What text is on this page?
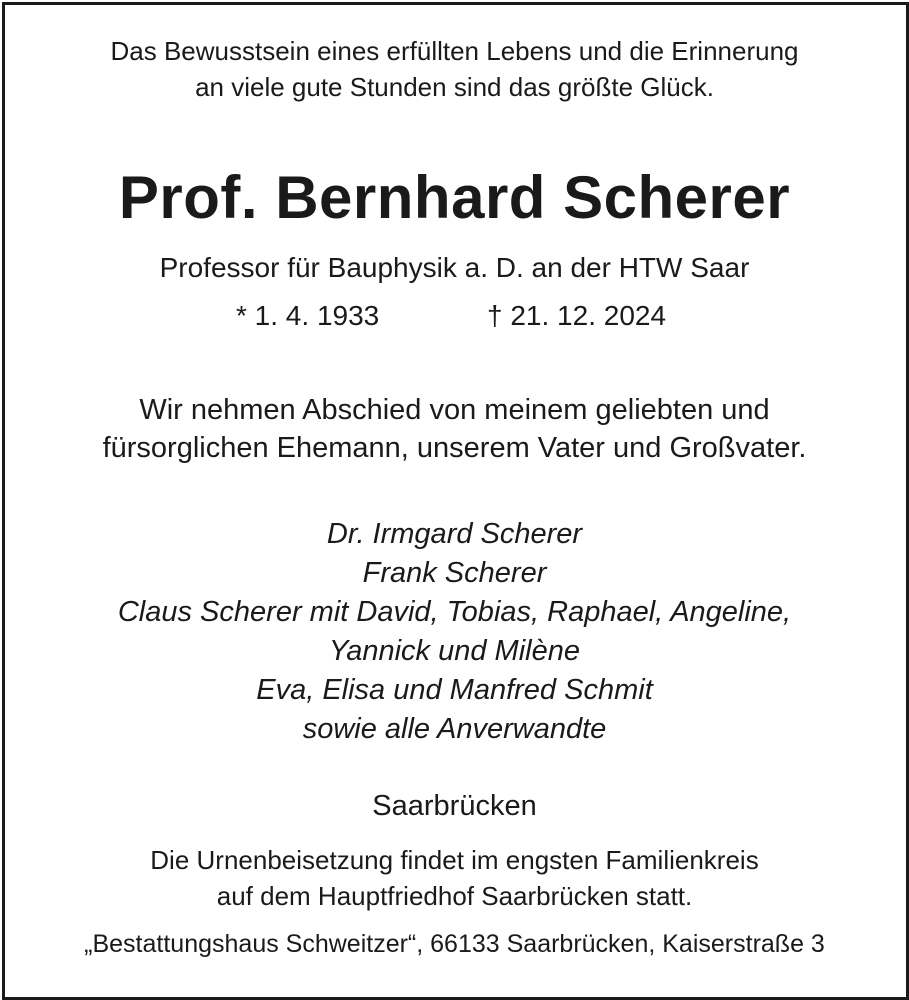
Das Bewusstsein eines erfüllten Lebens und die Erinnerung
an viele gute Stunden sind das größte Glück.
Prof. Bernhard Scherer
Professor für Bauphysik a. D. an der HTW Saar
* 1. 4. 1933	† 21. 12. 2024
Wir nehmen Abschied von meinem geliebten und
fürsorglichen Ehemann, unserem Vater und Großvater.
Dr. Irmgard Scherer
Frank Scherer
Claus Scherer mit David, Tobias, Raphael, Angeline,
Yannick und Milène
Eva, Elisa und Manfred Schmit
sowie alle Anverwandte
Saarbrücken
Die Urnenbeisetzung findet im engsten Familienkreis
auf dem Hauptfriedhof Saarbrücken statt.
„Bestattungshaus Schweitzer“, 66133 Saarbrücken, Kaiserstraße 3
